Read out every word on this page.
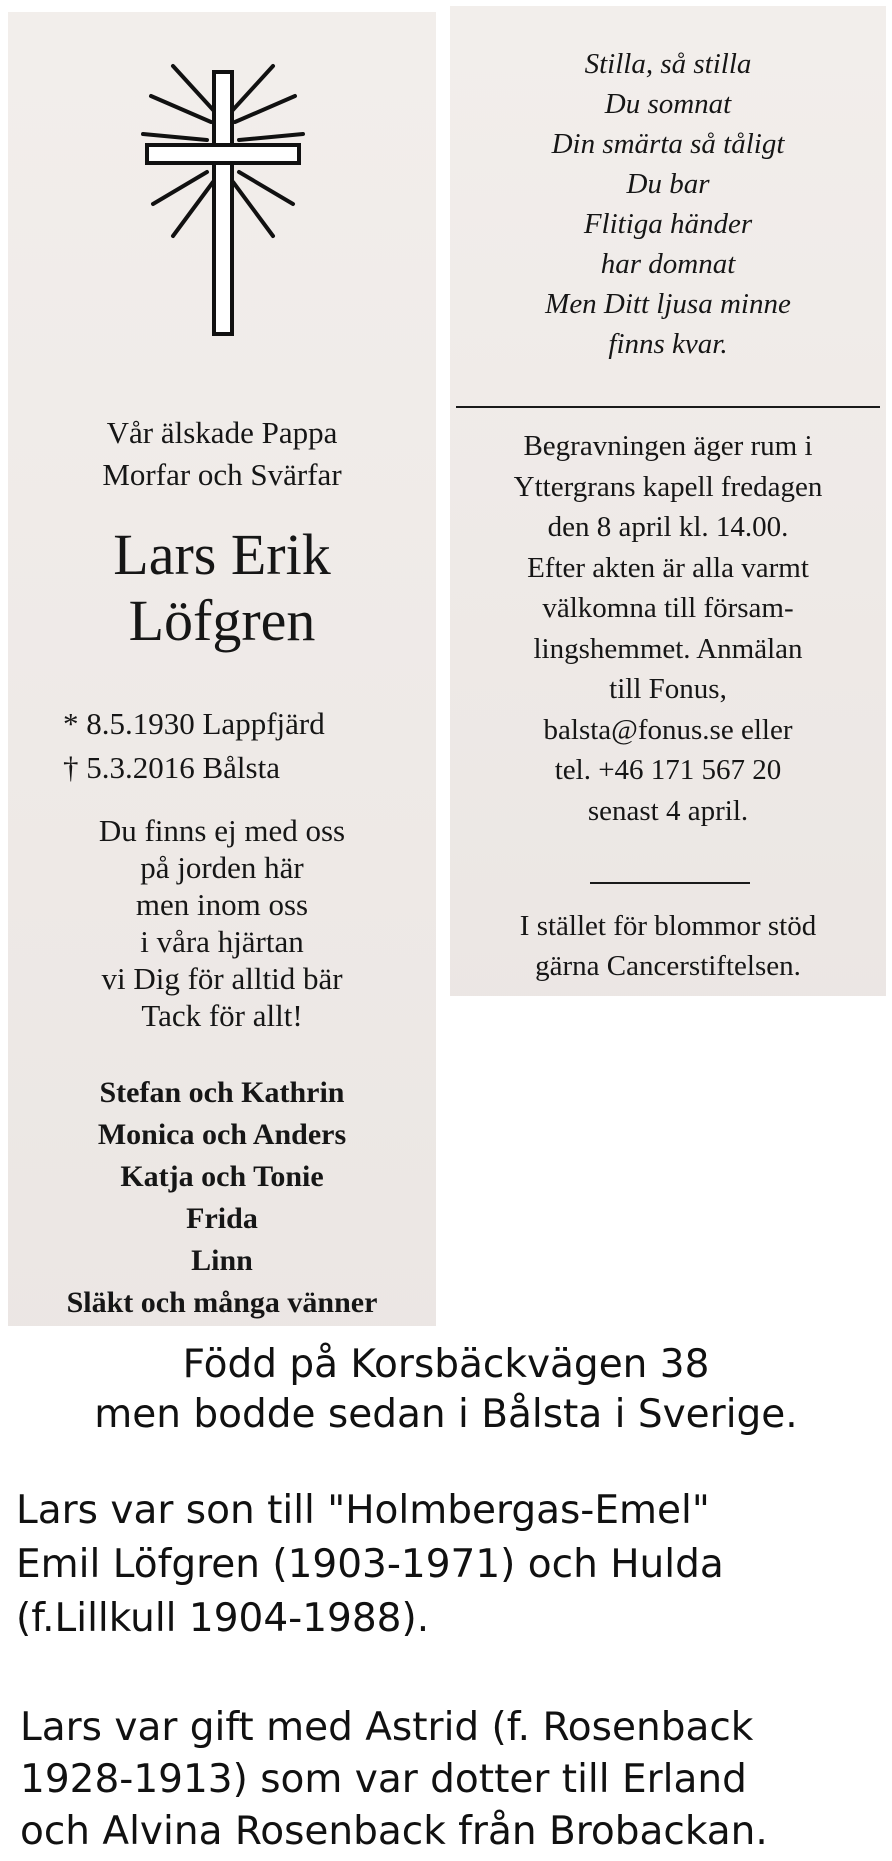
Vår älskade Pappa
Morfar och Svärfar
Lars Erik
Löfgren
* 8.5.1930 Lappfjärd
† 5.3.2016 Bålsta
Du finns ej med oss
på jorden här
men inom oss
i våra hjärtan
vi Dig för alltid bär
Tack för allt!
Stefan och Kathrin
Monica och Anders
Katja och Tonie
Frida
Linn
Släkt och många vänner
Stilla, så stilla
Du somnat
Din smärta så tåligt
Du bar
Flitiga händer
har domnat
Men Ditt ljusa minne
finns kvar.
Begravningen äger rum i
Yttergrans kapell fredagen
den 8 april kl. 14.00.
Efter akten är alla varmt
välkomna till försam-
lingshemmet. Anmälan
till Fonus,
balsta@fonus.se eller
tel. +46 171 567 20
senast 4 april.
I stället för blommor stöd
gärna Cancerstiftelsen.
Född på Korsbäckvägen 38
men bodde sedan i Bålsta i Sverige.
Lars var son till "Holmbergas-Emel"
Emil Löfgren (1903-1971) och Hulda
(f.Lillkull 1904-1988).
Lars var gift med Astrid (f. Rosenback
1928-1913) som var dotter till Erland
och Alvina Rosenback från Brobackan.
